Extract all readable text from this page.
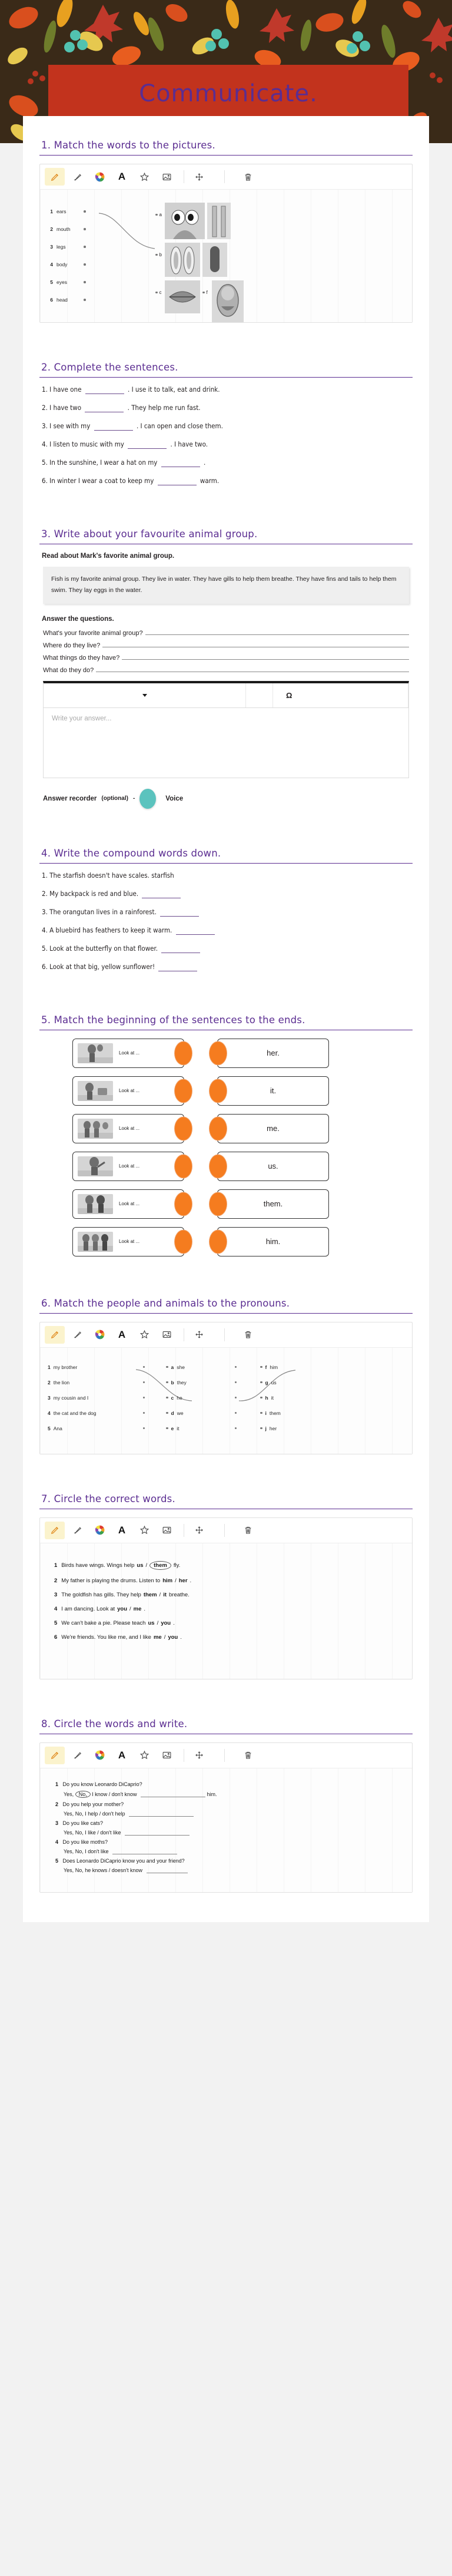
Communicate.
1. Match the words to the pictures.
A
1 ears
2 mouth
3 legs
4 body
5 eyes
6 head
a
b
c	f
2. Complete the sentences.

1. I have one	. I use it to talk, eat and drink.

2. I have two	. They help me run fast.

3. I see with my	. I can open and close them.

4. I listen to music with my	. I have two.

5. In the sunshine, I wear a hat on my	.

6. In winter I wear a coat to keep my	warm.

3. Write about your favourite animal group.
Read about Mark's favorite animal group.
Fish is my favorite animal group. They live in water. They have gills to help them breathe. They have fins and tails to help them swim. They lay eggs in the water.
Answer the questions.
What's your favorite animal group?
Where do they live?
What things do they have?
What do they do?
Ω
Write your answer...
Answer recorder (optional) -	Voice
4. Write the compound words down.

1. The starfish doesn't have scales. starfish

2. My backpack is red and blue.

3. The orangutan lives in a rainforest.

4. A bluebird has feathers to keep it warm.

5. Look at the butterfly on that flower.

6. Look at that big, yellow sunflower!

5. Match the beginning of the sentences to the ends.
Look at ...	her.
Look at ...	it.
Look at ...	me.
Look at ...	us.
Look at ...	them.
Look at ...	him.
6. Match the people and animals to the pronouns.
A
1 my brother
2 the lion
3 my cousin and I
4 the cat and the dog
5 Ana
a she
b they
c he
d we
e it
f him
g us
h it
i them
j her
7. Circle the correct words.
A
1 Birds have wings. Wings help us /	them	fly.
2 My father is playing the drums. Listen to him / her .
3 The goldfish has gills. They help them / it breathe.
4 I am dancing. Look at you / me .
5 We can't bake a pie. Please teach us / you .
6 We're friends. You like me, and I like me / you .
8. Circle the words and write.
A
1 Do you know Leonardo DiCaprio?
Yes, No, I know / don't know	him.
2 Do you help your mother?
Yes, No, I help / don't help
3 Do you like cats?
Yes, No, I like / don't like
4 Do you like moths?
Yes, No, I don't like
5 Does Leonardo DiCaprio know you and your friend?
Yes, No, he knows / doesn't know
